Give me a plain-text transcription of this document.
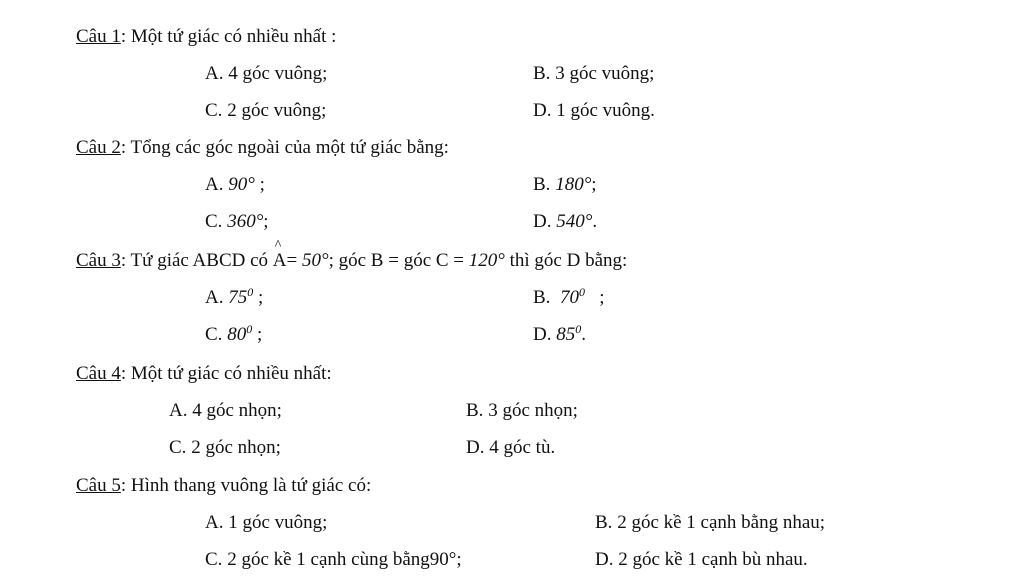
Câu 1: Một tứ giác có nhiều nhất :
A. 4 góc vuông;	B. 3 góc vuông;
C. 2 góc vuông;	D. 1 góc vuông.
Câu 2: Tổng các góc ngoài của một tứ giác bằng:
A. 90° ;	B. 180°;
C. 360°;	D. 540°.
Câu 3: Tứ giác ABCD có
^
A= 50°; góc B = góc C = 120° thì góc D bằng:
A. $75^0$ ;	B.  $70^0$   ;
C. $80^0$ ;	D. $85^0$.
Câu 4: Một tứ giác có nhiều nhất:
A. 4 góc nhọn;	B. 3 góc nhọn;
C. 2 góc nhọn;	D. 4 góc tù.
Câu 5: Hình thang vuông là tứ giác có:
A. 1 góc vuông;	B. 2 góc kề 1 cạnh bằng nhau;
C. 2 góc kề 1 cạnh cùng bằng90°;	D. 2 góc kề 1 cạnh bù nhau.
